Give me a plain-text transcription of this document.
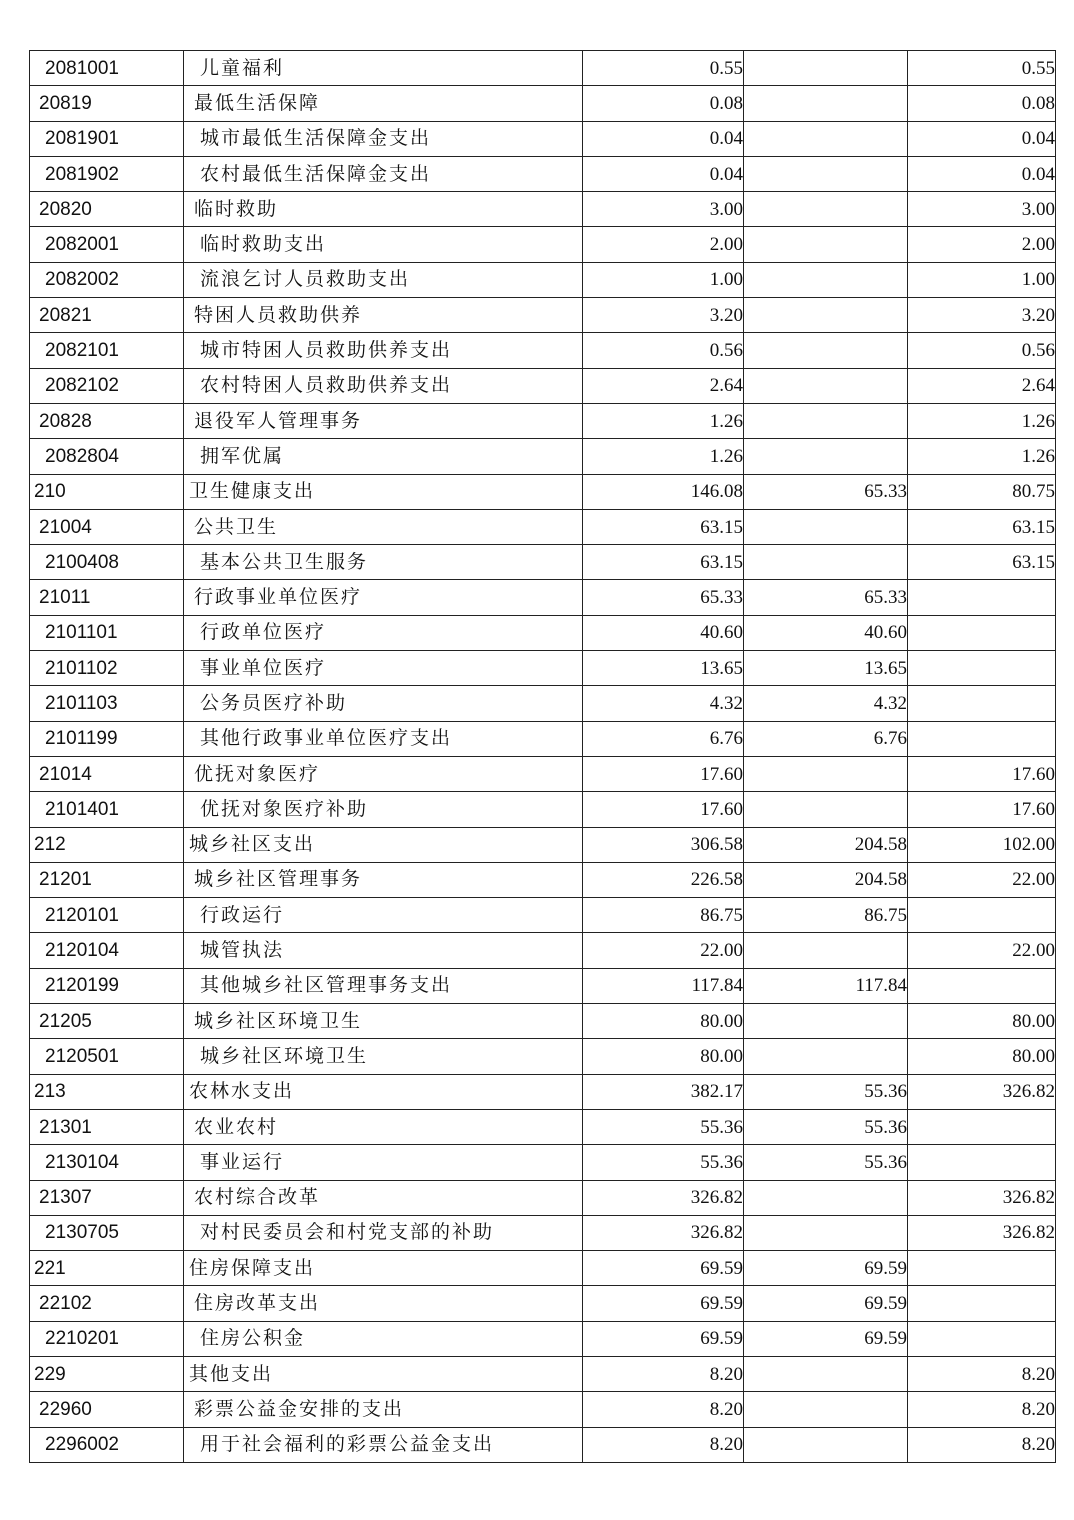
2081001	儿童福利	0.55		0.55
20819	最低生活保障	0.08		0.08
2081901	城市最低生活保障金支出	0.04		0.04
2081902	农村最低生活保障金支出	0.04		0.04
20820	临时救助	3.00		3.00
2082001	临时救助支出	2.00		2.00
2082002	流浪乞讨人员救助支出	1.00		1.00
20821	特困人员救助供养	3.20		3.20
2082101	城市特困人员救助供养支出	0.56		0.56
2082102	农村特困人员救助供养支出	2.64		2.64
20828	退役军人管理事务	1.26		1.26
2082804	拥军优属	1.26		1.26
210	卫生健康支出	146.08	65.33	80.75
21004	公共卫生	63.15		63.15
2100408	基本公共卫生服务	63.15		63.15
21011	行政事业单位医疗	65.33	65.33	
2101101	行政单位医疗	40.60	40.60	
2101102	事业单位医疗	13.65	13.65	
2101103	公务员医疗补助	4.32	4.32	
2101199	其他行政事业单位医疗支出	6.76	6.76	
21014	优抚对象医疗	17.60		17.60
2101401	优抚对象医疗补助	17.60		17.60
212	城乡社区支出	306.58	204.58	102.00
21201	城乡社区管理事务	226.58	204.58	22.00
2120101	行政运行	86.75	86.75	
2120104	城管执法	22.00		22.00
2120199	其他城乡社区管理事务支出	117.84	117.84	
21205	城乡社区环境卫生	80.00		80.00
2120501	城乡社区环境卫生	80.00		80.00
213	农林水支出	382.17	55.36	326.82
21301	农业农村	55.36	55.36	
2130104	事业运行	55.36	55.36	
21307	农村综合改革	326.82		326.82
2130705	对村民委员会和村党支部的补助	326.82		326.82
221	住房保障支出	69.59	69.59	
22102	住房改革支出	69.59	69.59	
2210201	住房公积金	69.59	69.59	
229	其他支出	8.20		8.20
22960	彩票公益金安排的支出	8.20		8.20
2296002	用于社会福利的彩票公益金支出	8.20		8.20
